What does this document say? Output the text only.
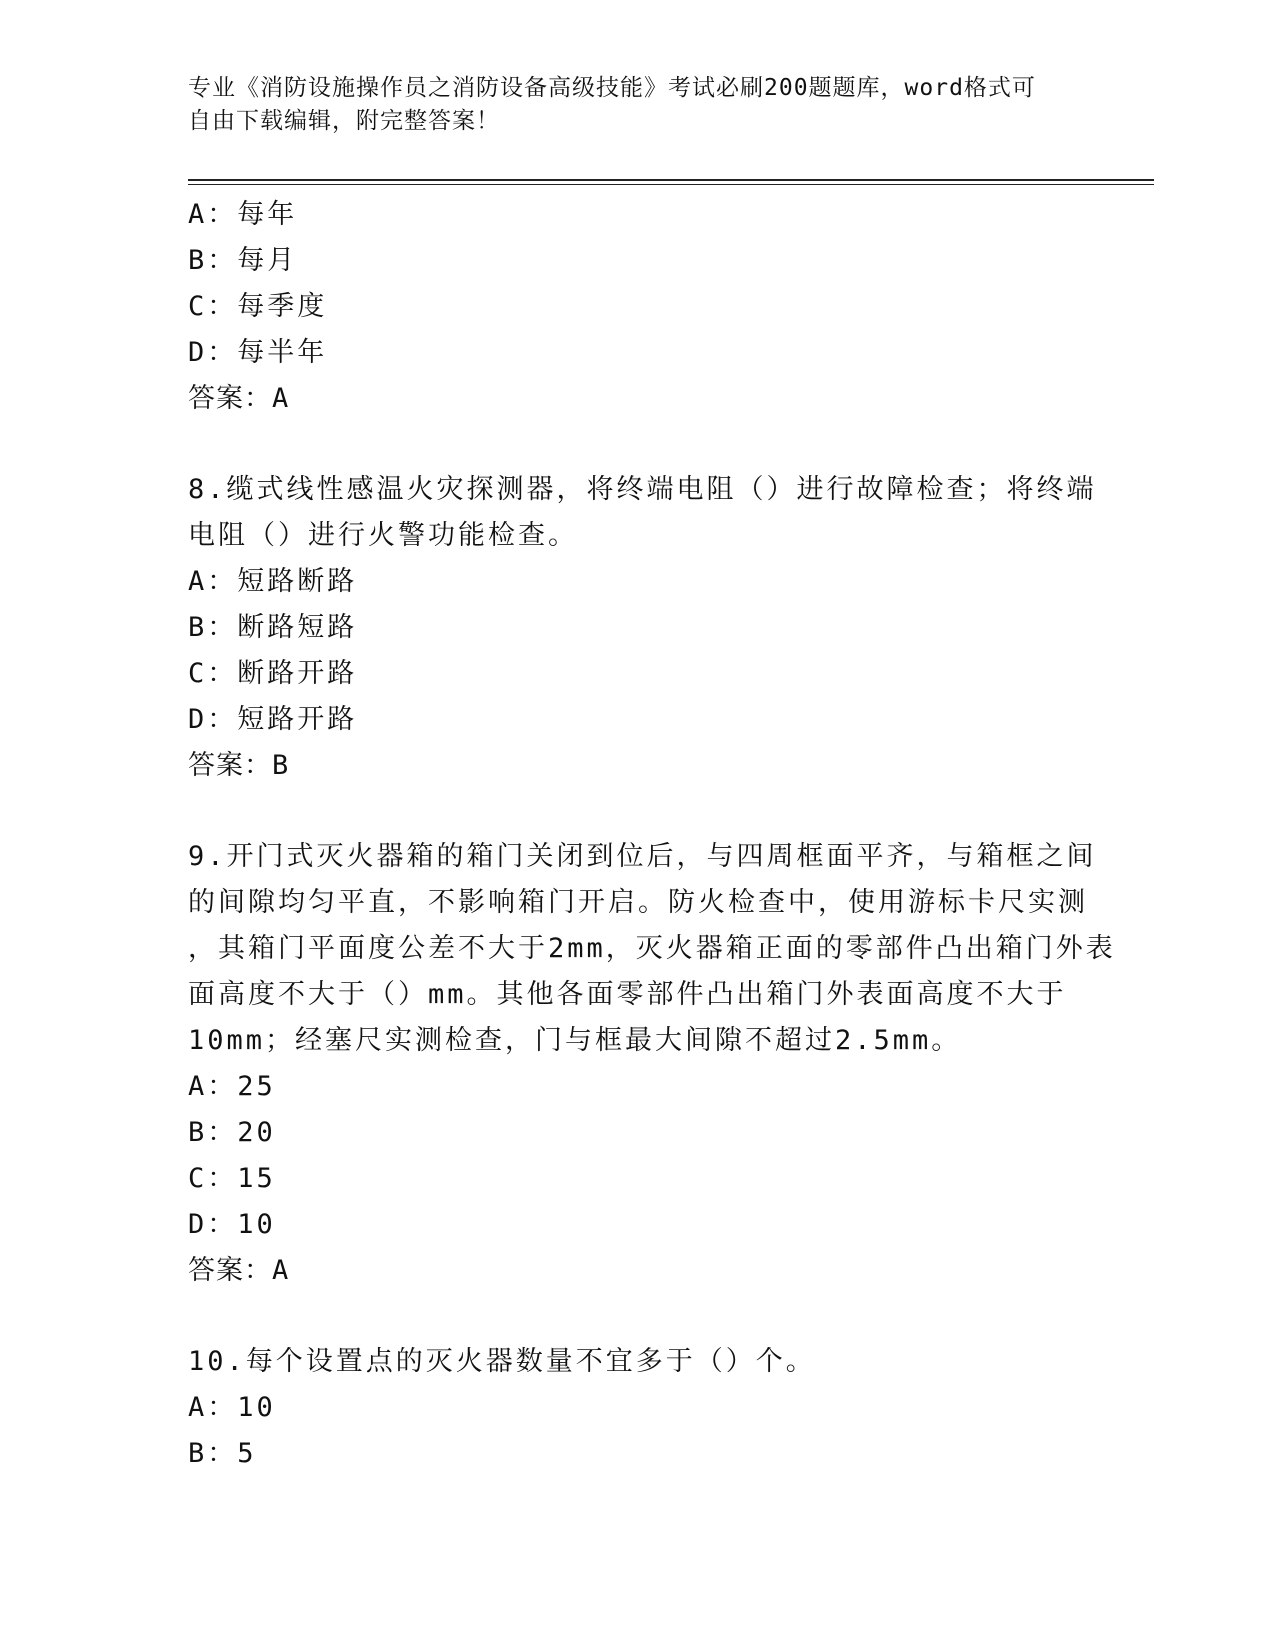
专业《消防设施操作员之消防设备高级技能》考试必刷200题题库，word格式可
自由下载编辑，附完整答案！
A：每年
B：每月
C：每季度
D：每半年
答案：A
8.缆式线性感温火灾探测器，将终端电阻（）进行故障检查；将终端
电阻（）进行火警功能检查。
A：短路断路
B：断路短路
C：断路开路
D：短路开路
答案：B
9.开门式灭火器箱的箱门关闭到位后，与四周框面平齐，与箱框之间
的间隙均匀平直，不影响箱门开启。防火检查中，使用游标卡尺实测
，其箱门平面度公差不大于2mm，灭火器箱正面的零部件凸出箱门外表
面高度不大于（）mm。其他各面零部件凸出箱门外表面高度不大于
10mm；经塞尺实测检查，门与框最大间隙不超过2.5mm。
A：25
B：20
C：15
D：10
答案：A
10.每个设置点的灭火器数量不宜多于（）个。
A：10
B：5
